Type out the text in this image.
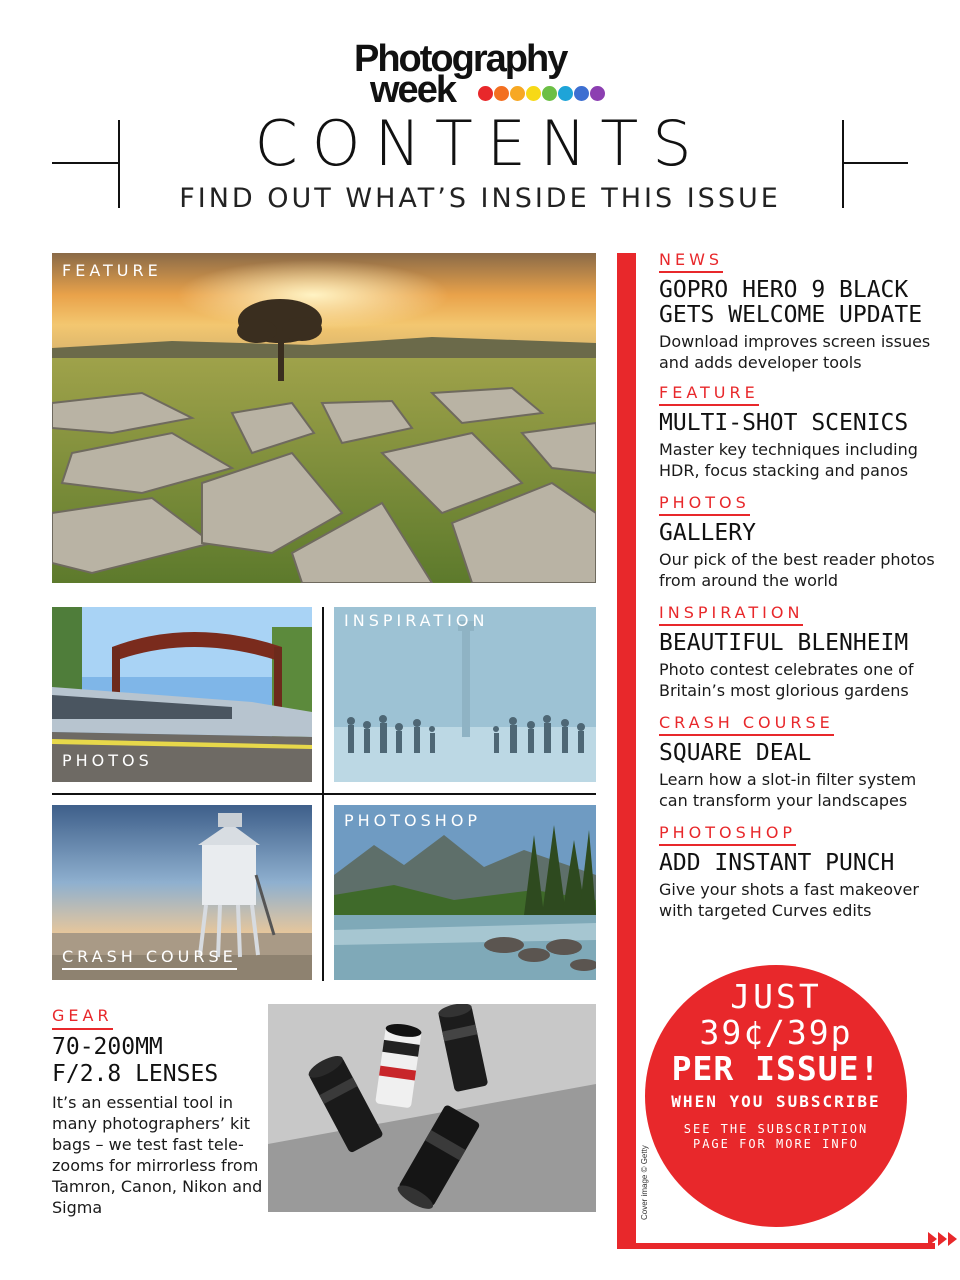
Photography
week
CONTENTS
FIND OUT WHAT’S INSIDE THIS ISSUE
FEATURE
PHOTOS
INSPIRATION
CRASH COURSE
PHOTOSHOP
GEAR
70-200MM
F/2.8 LENSES
It’s an essential tool in many photographers’ kit bags – we test fast tele-zooms for mirrorless from Tamron, Canon, Nikon and Sigma
NEWS
GOPRO HERO 9 BLACK
GETS WELCOME UPDATE
Download improves screen issues and adds developer tools
FEATURE
MULTI-SHOT SCENICS
Master key techniques including HDR, focus stacking and panos
PHOTOS
GALLERY
Our pick of the best reader photos from around the world
INSPIRATION
BEAUTIFUL BLENHEIM
Photo contest celebrates one of Britain’s most glorious gardens
CRASH COURSE
SQUARE DEAL
Learn how a slot-in filter system can transform your landscapes
PHOTOSHOP
ADD INSTANT PUNCH
Give your shots a fast makeover with targeted Curves edits
JUST
39¢/39p
PER ISSUE!
WHEN YOU SUBSCRIBE
SEE THE SUBSCRIPTION
PAGE FOR MORE INFO
Cover image © Getty
